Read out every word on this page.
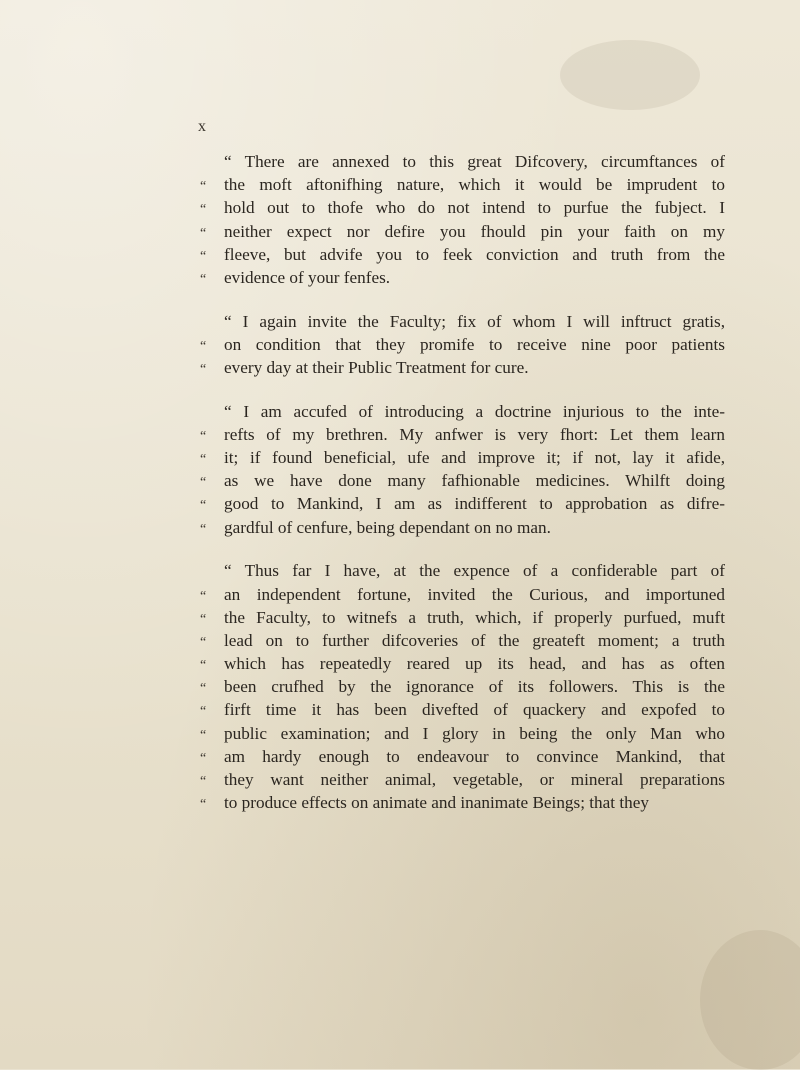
x
“ There are annexed to this great Difcovery, circumftances of
“	the moft aftonifhing nature, which it would be imprudent to
“	hold out to thofe who do not intend to purfue the fubject. I
“	neither expect nor defire you fhould pin your faith on my
“	fleeve, but advife you to feek conviction and truth from the
“	evidence of your fenfes.
“ I again invite the Faculty; fix of whom I will inftruct gratis,
“	on condition that they promife to receive nine poor patients
“	every day at their Public Treatment for cure.
“ I am accufed of introducing a doctrine injurious to the inte-
“	refts of my brethren. My anfwer is very fhort: Let them learn
“	it; if found beneficial, ufe and improve it; if not, lay it afide,
“	as we have done many fafhionable medicines. Whilft doing
“	good to Mankind, I am as indifferent to approbation as difre-
“	gardful of cenfure, being dependant on no man.
“ Thus far I have, at the expence of a confiderable part of
“	an independent fortune, invited the Curious, and importuned
“	the Faculty, to witnefs a truth, which, if properly purfued, muft
“	lead on to further difcoveries of the greateft moment; a truth
“	which has repeatedly reared up its head, and has as often
“	been crufhed by the ignorance of its followers. This is the
“	firft time it has been divefted of quackery and expofed to
“	public examination; and I glory in being the only Man who
“	am hardy enough to endeavour to convince Mankind, that
“	they want neither animal, vegetable, or mineral preparations
“	to produce effects on animate and inanimate Beings; that they
